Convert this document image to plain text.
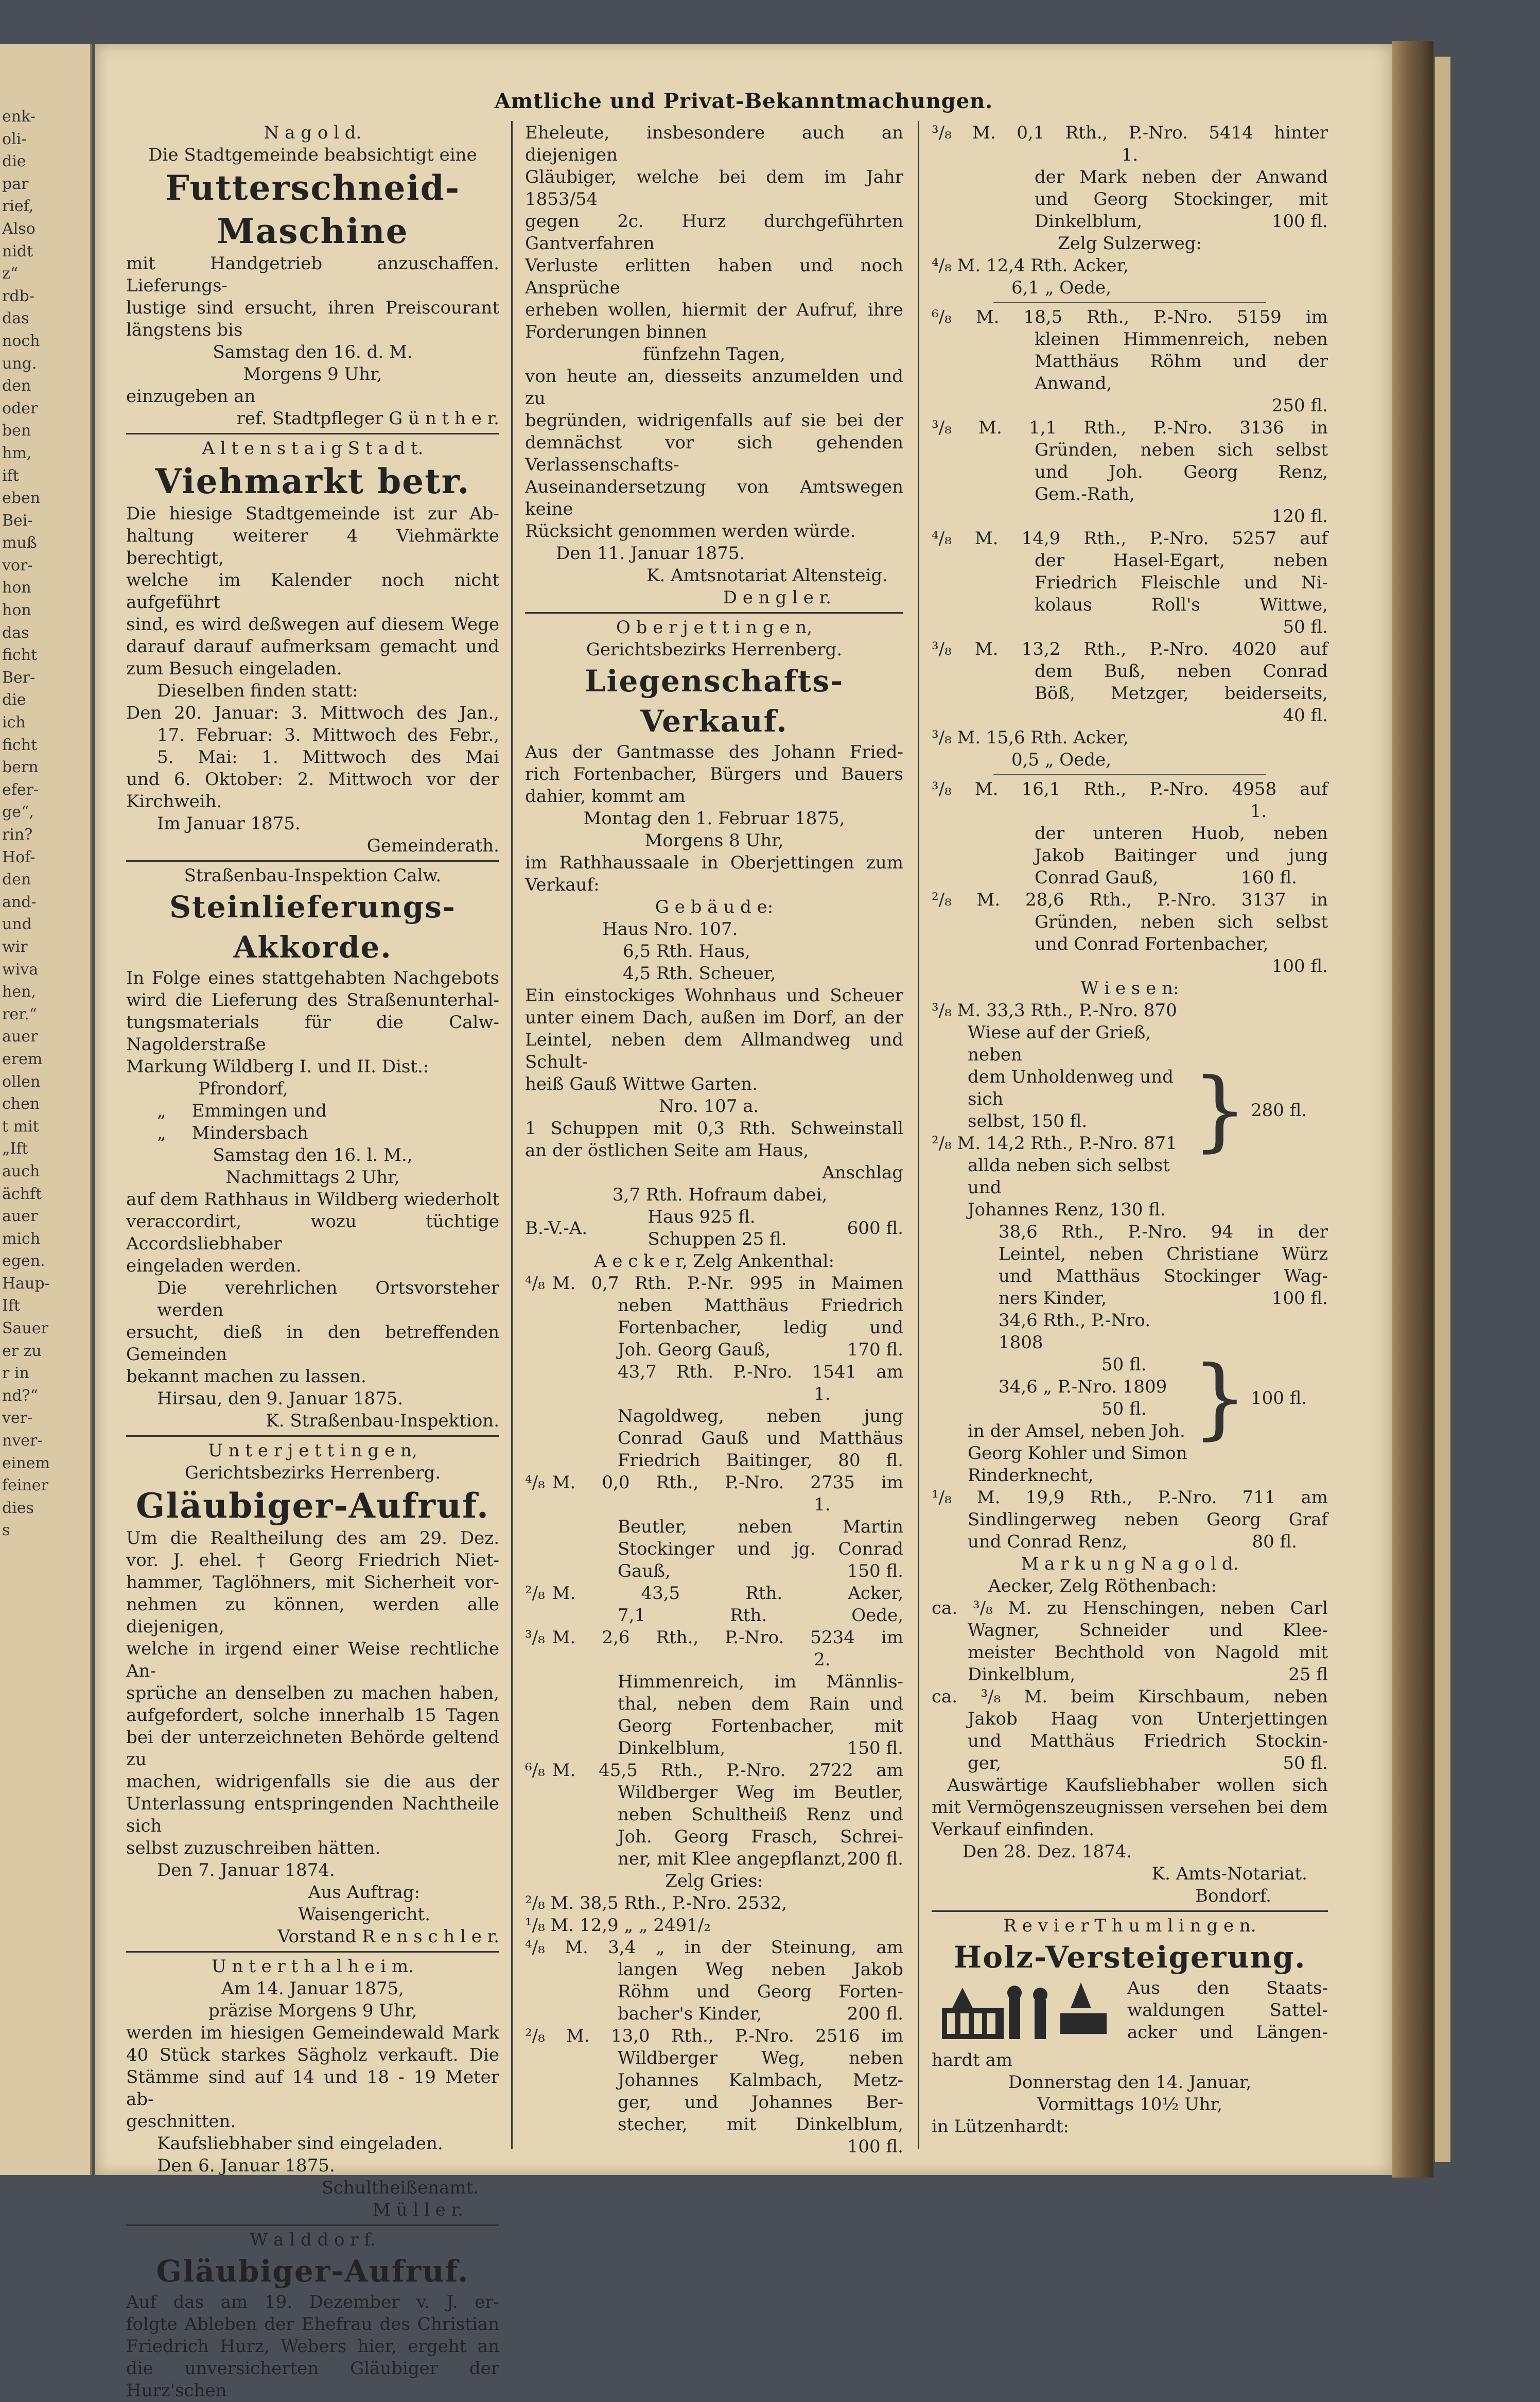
enk-
oli-
die
par
rief,
Also
nidt
z“
rdb-
das
noch
ung.
den
oder
ben
hm,
ift
eben
Bei-
muß
vor-
hon
hon
das
ficht
Ber-
die
ich
ficht
bern
efer-
ge“,
rin?
Hof-
den
and-
und
wir
wiva
hen,
rer.“
auer
erem
ollen
chen
t mit
„Ift
auch
ächft
auer
mich
egen.
Haup-
Ift
Sauer
er zu
r in
nd?“
ver-
nver-
einem
feiner
dies
s
Amtliche und Privat-Bekanntmachungen.
N a g o l d.
Die Stadtgemeinde beabsichtigt eine
Futterschneid-Maschine
mit Handgetrieb anzuschaffen. Lieferungs-
lustige sind ersucht, ihren Preiscourant
längstens bis
Samstag den 16. d. M.
Morgens 9 Uhr,
einzugeben an
ref. Stadtpfleger G ü n t h e r.
A l t e n s t a i g S t a d t.
Viehmarkt betr.
Die hiesige Stadtgemeinde ist zur Ab-
haltung weiterer 4 Viehmärkte berechtigt,
welche im Kalender noch nicht aufgeführt
sind, es wird deßwegen auf diesem Wege
darauf darauf aufmerksam gemacht und
zum Besuch eingeladen.
Dieselben finden statt:
Den 20. Januar: 3. Mittwoch des Jan.,
17. Februar: 3. Mittwoch des Febr.,
5. Mai: 1. Mittwoch des Mai
und 6. Oktober: 2. Mittwoch vor der
Kirchweih.
Im Januar 1875.
Gemeinderath.
Straßenbau-Inspektion Calw.
Steinlieferungs-Akkorde.
In Folge eines stattgehabten Nachgebots
wird die Lieferung des Straßenunterhal-
tungsmaterials für die Calw-Nagolderstraße
Markung Wildberg I. und II. Dist.:
Pfrondorf,
„ Emmingen und
„ Mindersbach
Samstag den 16. l. M.,
Nachmittags 2 Uhr,
auf dem Rathhaus in Wildberg wiederholt
veraccordirt, wozu tüchtige Accordsliebhaber
eingeladen werden.
Die verehrlichen Ortsvorsteher werden
ersucht, dieß in den betreffenden Gemeinden
bekannt machen zu lassen.
Hirsau, den 9. Januar 1875.
K. Straßenbau-Inspektion.
U n t e r j e t t i n g e n,
Gerichtsbezirks Herrenberg.
Gläubiger-Aufruf.
Um die Realtheilung des am 29. Dez.
vor. J. ehel. † Georg Friedrich Niet-
hammer, Taglöhners, mit Sicherheit vor-
nehmen zu können, werden alle diejenigen,
welche in irgend einer Weise rechtliche An-
sprüche an denselben zu machen haben,
aufgefordert, solche innerhalb 15 Tagen
bei der unterzeichneten Behörde geltend zu
machen, widrigenfalls sie die aus der
Unterlassung entspringenden Nachtheile sich
selbst zuzuschreiben hätten.
Den 7. Januar 1874.
Aus Auftrag:
Waisengericht.
Vorstand R e n s c h l e r.
U n t e r t h a l h e i m.
Am 14. Januar 1875,
präzise Morgens 9 Uhr,
werden im hiesigen Gemeindewald Mark
40 Stück starkes Sägholz verkauft. Die
Stämme sind auf 14 und 18 - 19 Meter ab-
geschnitten.
Kaufsliebhaber sind eingeladen.
Den 6. Januar 1875.
Schultheißenamt.
M ü l l e r.
W a l d d o r f.
Gläubiger-Aufruf.
Auf das am 19. Dezember v. J. er-
folgte Ableben der Ehefrau des Christian
Friedrich Hurz, Webers hier, ergeht an
die unversicherten Gläubiger der Hurz'schen
Eheleute, insbesondere auch an diejenigen
Gläubiger, welche bei dem im Jahr 1853/54
gegen ​2c. Hurz durchgeführten Gantverfahren
Verluste erlitten haben und noch Ansprüche
erheben wollen, hiermit der Aufruf, ihre
Forderungen binnen
fünfzehn Tagen,
von heute an, diesseits anzumelden und zu
begründen, widrigenfalls auf sie bei der
demnächst vor sich gehenden Verlassenschafts-
Auseinandersetzung von Amtswegen keine
Rücksicht genommen werden würde.
Den 11. Januar 1875.
K. Amtsnotariat Altensteig.
D e n g l e r.
O b e r j e t t i n g e n,
Gerichtsbezirks Herrenberg.
Liegenschafts-Verkauf.
Aus der Gantmasse des Johann Fried-
rich Fortenbacher, Bürgers und Bauers
dahier, kommt am
Montag den 1. Februar 1875,
Morgens 8 Uhr,
im Rathhaussaale in Oberjettingen zum
Verkauf:
G e b ä u d e:
Haus Nro. 107.
6,5 Rth. Haus,
4,5 Rth. Scheuer,
Ein einstockiges Wohnhaus und Scheuer
unter einem Dach, außen im Dorf, an der
Leintel, neben dem Allmandweg und Schult-
heiß Gauß Wittwe Garten.
Nro. 107 a.
1 Schuppen mit 0,3 Rth. Schweinstall
an der östlichen Seite am Haus,
Anschlag
3,7 Rth. Hofraum dabei,
B.-V.-A.
Haus 925 fl.
Schuppen 25 fl.
600 fl.
A e c k e r, Zelg Ankenthal:
⁴/₈ M. 0,7 Rth. P.-Nr. 995 in Maimen
neben Matthäus Friedrich
Fortenbacher, ledig und
Joh. Georg Gauß,	170 fl.
43,7 Rth. P.-Nro. 1541 am
1.
Nagoldweg, neben jung
Conrad Gauß und Matthäus
Friedrich Baitinger, 80 fl.
⁴/₈ M. 0,0 Rth., P.-Nro. 2735 im
1.
Beutler, neben Martin
Stockinger und jg. Conrad
Gauß,	150 fl.
²/₈ M. 43,5 Rth. Acker,
7,1 Rth. Oede,
³/₈ M. 2,6 Rth., P.-Nro. 5234 im
2.
Himmenreich, im Männlis-
thal, neben dem Rain und
Georg Fortenbacher, mit
Dinkelblum,	150 fl.
⁶/₈ M. 45,5 Rth., P.-Nro. 2722 am
Wildberger Weg im Beutler,
neben Schultheiß Renz und
Joh. Georg Frasch, Schrei-
ner, mit Klee angepflanzt, 200 fl.
Zelg Gries:
²/₈ M. 38,5 Rth., P.-Nro. 2532,
¹/₈ M. 12,9 „ „ 2491/₂
⁴/₈ M. 3,4 „ in der Steinung, am
langen Weg neben Jakob
Röhm und Georg Forten-
bacher's Kinder,	200 fl.
²/₈ M. 13,0 Rth., P.-Nro. 2516 im
Wildberger Weg, neben
Johannes Kalmbach, Metz-
ger, und Johannes Ber-
stecher, mit Dinkelblum,
100 fl.
³/₈ M. 0,1 Rth., P.-Nro. 5414 hinter
1.
der Mark neben der Anwand
und Georg Stockinger, mit
Dinkelblum,	100 fl.
Zelg Sulzerweg:
⁴/₈ M. 12,4 Rth. Acker,
6,1 „ Oede,
⁶/₈ M. 18,5 Rth., P.-Nro. 5159 im
kleinen Himmenreich, neben
Matthäus Röhm und der
Anwand,
250 fl.
³/₈ M. 1,1 Rth., P.-Nro. 3136 in
Gründen, neben sich selbst
und Joh. Georg Renz,
Gem.-Rath,
120 fl.
⁴/₈ M. 14,9 Rth., P.-Nro. 5257 auf
der Hasel-Egart, neben
Friedrich Fleischle und Ni-
kolaus Roll's Wittwe,
50 fl.
³/₈ M. 13,2 Rth., P.-Nro. 4020 auf
dem Buß, neben Conrad
Böß, Metzger, beiderseits,
40 fl.
³/₈ M. 15,6 Rth. Acker,
0,5 „ Oede,
³/₈ M. 16,1 Rth., P.-Nro. 4958 auf
1.
der unteren Huob, neben
Jakob Baitinger und jung
Conrad Gauß,	160 fl.
²/₈ M. 28,6 Rth., P.-Nro. 3137 in
Gründen, neben sich selbst
und Conrad Fortenbacher,
100 fl.
W i e s e n:
³/₈ M. 33,3 Rth., P.-Nro. 870
Wiese auf der Grieß, neben
dem Unholdenweg und sich
selbst, 150 fl.
²/₈ M. 14,2 Rth., P.-Nro. 871
allda neben sich selbst und
Johannes Renz, 130 fl.
} 280 fl.
38,6 Rth., P.-Nro. 94 in der
Leintel, neben Christiane Würz
und Matthäus Stockinger Wag-
ners Kinder,	100 fl.
34,6 Rth., P.-Nro. 1808
50 fl.
34,6 „ P.-Nro. 1809
50 fl.
in der Amsel, neben Joh.
Georg Kohler und Simon
Rinderknecht,
} 100 fl.
¹/₈ M. 19,9 Rth., P.-Nro. 711 am
Sindlingerweg neben Georg Graf
und Conrad Renz,	80 fl.
M a r k u n g N a g o l d.
Aecker, Zelg Röthenbach:
ca. ³/₈ M. zu Henschingen, neben Carl
Wagner, Schneider und Klee-
meister Bechthold von Nagold mit
Dinkelblum,	25 fl
ca. ³/₈ M. beim Kirschbaum, neben
Jakob Haag von Unterjettingen
und Matthäus Friedrich Stockin-
ger,	50 fl.
Auswärtige Kaufsliebhaber wollen sich
mit Vermögenszeugnissen versehen bei dem
Verkauf einfinden.
Den 28. Dez. 1874.
K. Amts-Notariat.
Bondorf.
R e v i e r T h u m l i n g e n.
Holz-Versteigerung.
Aus den Staats-
waldungen Sattel-
acker und Längen-
hardt am
Donnerstag den 14. Januar,
Vormittags 10½ Uhr,
in Lützenhardt:
